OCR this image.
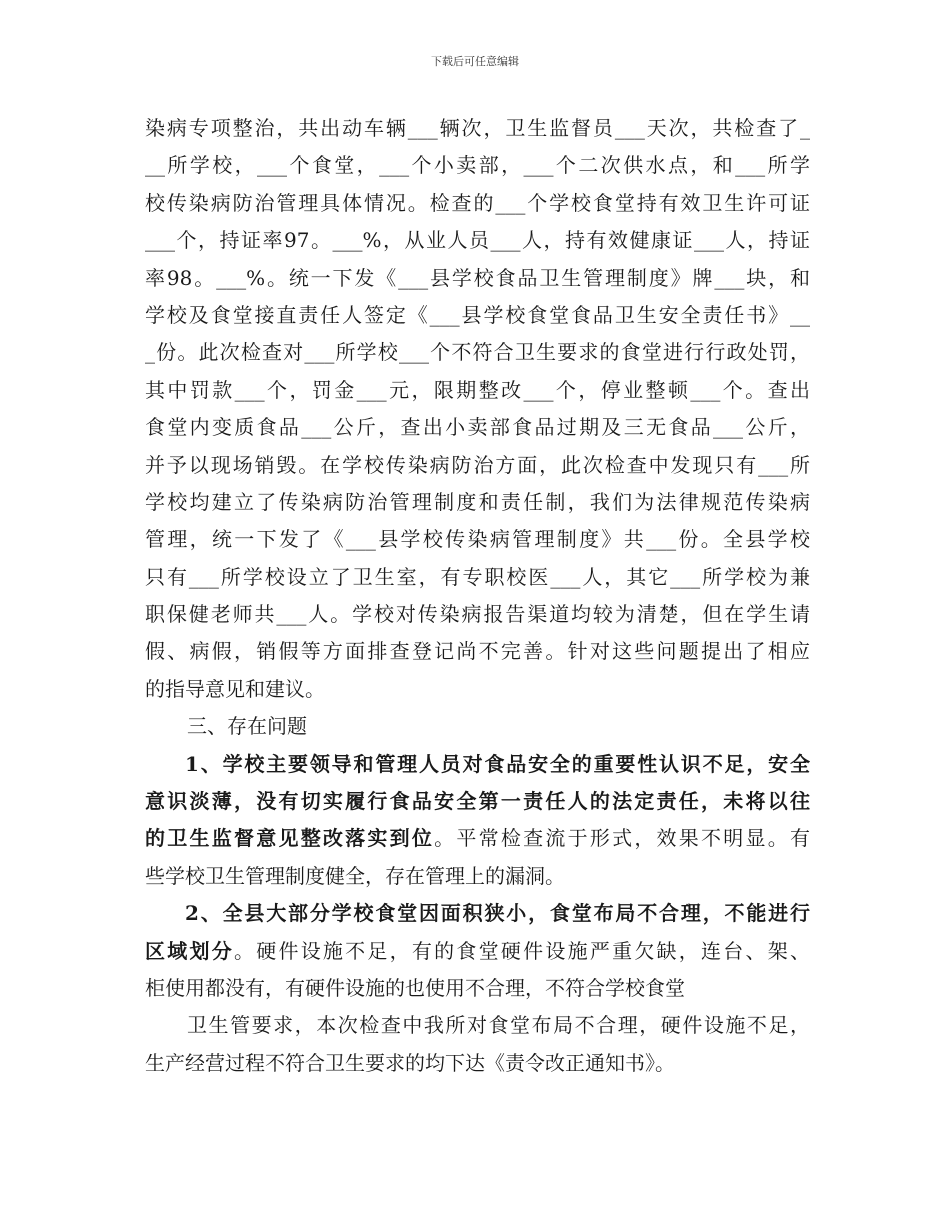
下载后可任意编辑
染病专项整治，共出动车辆___辆次，卫生监督员___天次，共检查了_
__所学校，___个食堂，___个小卖部，___个二次供水点，和___所学
校传染病防治管理具体情况。检查的___个学校食堂持有效卫生许可证
___个，持证率97。___%，从业人员___人，持有效健康证___人，持证
率98。___%。统一下发《___县学校食品卫生管理制度》牌___块，和
学校及食堂接直责任人签定《___县学校食堂食品卫生安全责任书》__
_份。此次检查对___所学校___个不符合卫生要求的食堂进行行政处罚，
其中罚款___个，罚金___元，限期整改___个，停业整顿___个。查出
食堂内变质食品___公斤，查出小卖部食品过期及三无食品___公斤，
并予以现场销毁。在学校传染病防治方面，此次检查中发现只有___所
学校均建立了传染病防治管理制度和责任制，我们为法律规范传染病
管理，统一下发了《___县学校传染病管理制度》共___份。全县学校
只有___所学校设立了卫生室，有专职校医___人，其它___所学校为兼
职保健老师共___人。学校对传染病报告渠道均较为清楚，但在学生请
假、病假，销假等方面排查登记尚不完善。针对这些问题提出了相应
的指导意见和建议。
三、存在问题
1、学校主要领导和管理人员对食品安全的重要性认识不足，安全
意识淡薄，没有切实履行食品安全第一责任人的法定责任，未将以往
的卫生监督意见整改落实到位。平常检查流于形式，效果不明显。有
些学校卫生管理制度健全，存在管理上的漏洞。
2、全县大部分学校食堂因面积狭小，食堂布局不合理，不能进行
区域划分。硬件设施不足，有的食堂硬件设施严重欠缺，连台、架、
柜使用都没有，有硬件设施的也使用不合理，不符合学校食堂
卫生管要求，本次检查中我所对食堂布局不合理，硬件设施不足，
生产经营过程不符合卫生要求的均下达《责令改正通知书》。
